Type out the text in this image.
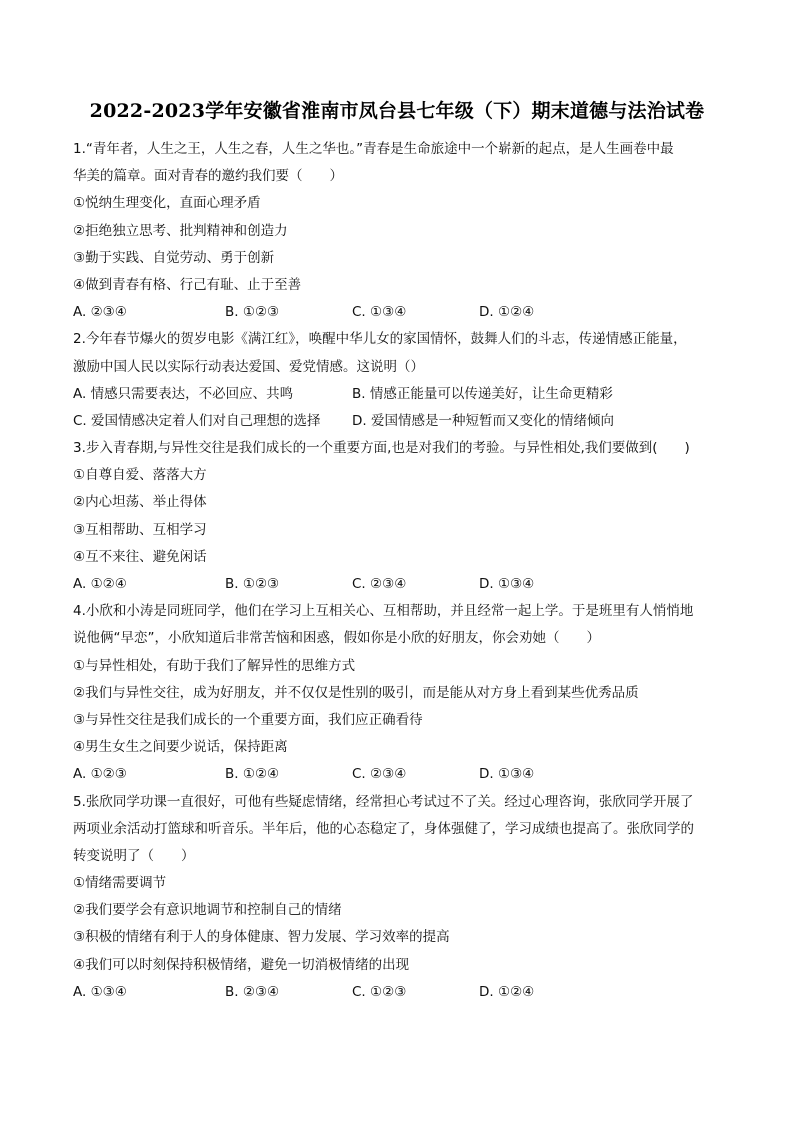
2022-2023学年安徽省淮南市凤台县七年级（下）期末道德与法治试卷
1.“青年者，人生之王，人生之春，人生之华也。”青春是生命旅途中一个崭新的起点，是人生画卷中最
华美的篇章。面对青春的邀约我们要（　　）
①悦纳生理变化，直面心理矛盾
②拒绝独立思考、批判精神和创造力
③勤于实践、自觉劳动、勇于创新
④做到青春有格、行己有耻、止于至善
A. ②③④	B. ①②③	C. ①③④	D. ①②④
2.今年春节爆火的贺岁电影《满江红》，唤醒中华儿女的家国情怀，鼓舞人们的斗志，传递情感正能量，
激励中国人民以实际行动表达爱国、爱党情感。这说明（）
A. 情感只需要表达，不必回应、共鸣	B. 情感正能量可以传递美好，让生命更精彩
C. 爱国情感决定着人们对自己理想的选择 D. 爱国情感是一种短暂而又变化的情绪倾向
3.步入青春期,与异性交往是我们成长的一个重要方面,也是对我们的考验。与异性相处,我们要做到(　　)
①自尊自爱、落落大方
②内心坦荡、举止得体
③互相帮助、互相学习
④互不来往、避免闲话
A. ①②④	B. ①②③	C. ②③④	D. ①③④
4.小欣和小涛是同班同学，他们在学习上互相关心、互相帮助，并且经常一起上学。于是班里有人悄悄地
说他俩“早恋”，小欣知道后非常苦恼和困惑，假如你是小欣的好朋友，你会劝她（　　）
①与异性相处，有助于我们了解异性的思维方式
②我们与异性交往，成为好朋友，并不仅仅是性别的吸引，而是能从对方身上看到某些优秀品质
③与异性交往是我们成长的一个重要方面，我们应正确看待
④男生女生之间要少说话，保持距离
A. ①②③	B. ①②④	C. ②③④	D. ①③④
5.张欣同学功课一直很好，可他有些疑虑情绪，经常担心考试过不了关。经过心理咨询，张欣同学开展了
两项业余活动打篮球和听音乐。半年后，他的心态稳定了，身体强健了，学习成绩也提高了。张欣同学的
转变说明了（　　）
①情绪需要调节
②我们要学会有意识地调节和控制自己的情绪
③积极的情绪有利于人的身体健康、智力发展、学习效率的提高
④我们可以时刻保持积极情绪，避免一切消极情绪的出现
A. ①③④	B. ②③④	C. ①②③	D. ①②④
